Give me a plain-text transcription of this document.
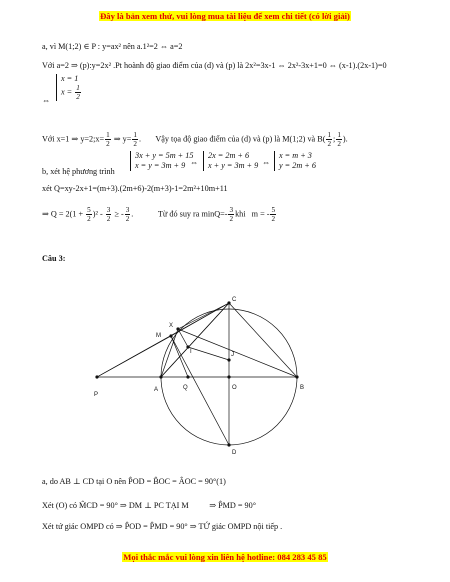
Đây là bản xem thử, vui lòng mua tài liệu để xem chi tiết (có lời giải)
a, vì M(1;2) ∈ P : y=ax² nên a.1²=2 ⇔ a=2
Với a=2 ⇒ (p):y=2x² .Pt hoành độ giao điểm của (d) và (p) là 2x²=3x-1 ⇔ 2x²-3x+1=0 ⇔ (x-1).(2x-1)=0
⇔
x = 1
$x = \frac{1}{2}$
Với x=1 ⇒ y=2;x= $\frac{1}{2}$ ⇒ $y= \frac{1}{2}$ .       Vậy tọa độ giao điểm của (d) và (p) là M(1;2) và $B( \frac{1}{2}$ ; $\frac{1}{2}$ ).
b, xét hệ phương trình
3x + y = 5m + 15
x = y = 3m + 9 ⇔
2x = 2m + 6
x + y = 3m + 9 ⇔
x = m + 3
y = 2m + 6
xét Q=xy-2x+1=(m+3).(2m+6)-2(m+3)-1=2m²+10m+11
⇒ $Q = 2(1 + \frac{5}{2} )^2 - \frac{3}{2}$ ≥ - $\frac{3}{2}$ .	Từ đó suy ra $\min Q=- \frac{3}{2}$ khi m = - $\frac{5}{2}$
Câu 3:
C
X
M
I	J
P
A	Q	O	B
D
a, do AB ⊥ CD tại O nên P̂OD = B̂OC = ÂOC = 90°(1)
Xét (O) có M̂CD = 90° ⇒ DM ⊥ PC TẠI M ⇒ P̂MD = 90°
Xét tứ giác OMPD có ⇒ P̂OD = P̂MD = 90° ⇒ TỨ giác OMPD nội tiếp .
Mọi thắc mắc vui lòng xin liên hệ hotline: 084 283 45 85
